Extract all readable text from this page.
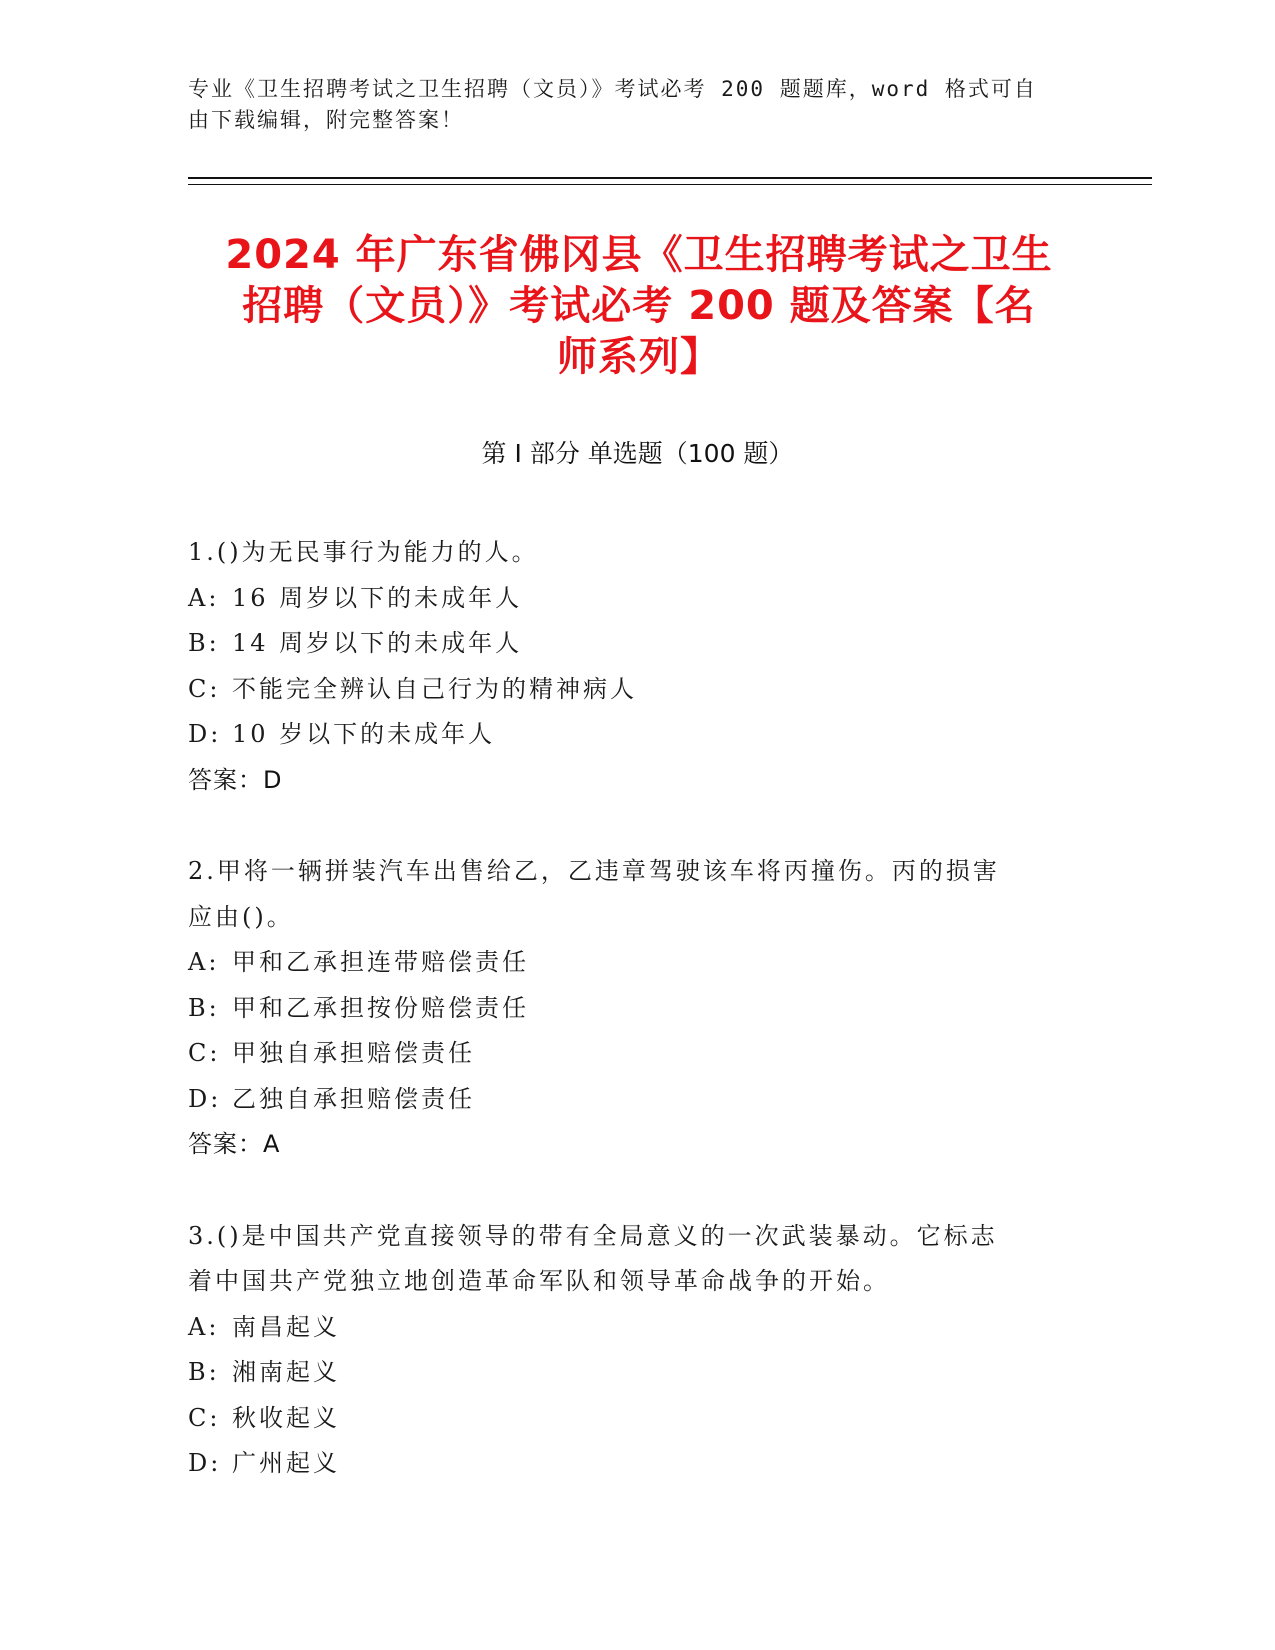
专业《卫生招聘考试之卫生招聘（文员）》考试必考 200 题题库，word 格式可自
由下载编辑，附完整答案！
2024 年广东省佛冈县《卫生招聘考试之卫生
招聘（文员）》考试必考 200 题及答案【名
师系列】
第 I 部分 单选题（100 题）
1.()为无民事行为能力的人。
A: 16 周岁以下的未成年人
B: 14 周岁以下的未成年人
C: 不能完全辨认自己行为的精神病人
D: 10 岁以下的未成年人
答案：D
2.甲将一辆拼装汽车出售给乙，乙违章驾驶该车将丙撞伤。丙的损害
应由()。
A: 甲和乙承担连带赔偿责任
B: 甲和乙承担按份赔偿责任
C: 甲独自承担赔偿责任
D: 乙独自承担赔偿责任
答案：A
3.()是中国共产党直接领导的带有全局意义的一次武装暴动。它标志
着中国共产党独立地创造革命军队和领导革命战争的开始。
A: 南昌起义
B: 湘南起义
C: 秋收起义
D: 广州起义
